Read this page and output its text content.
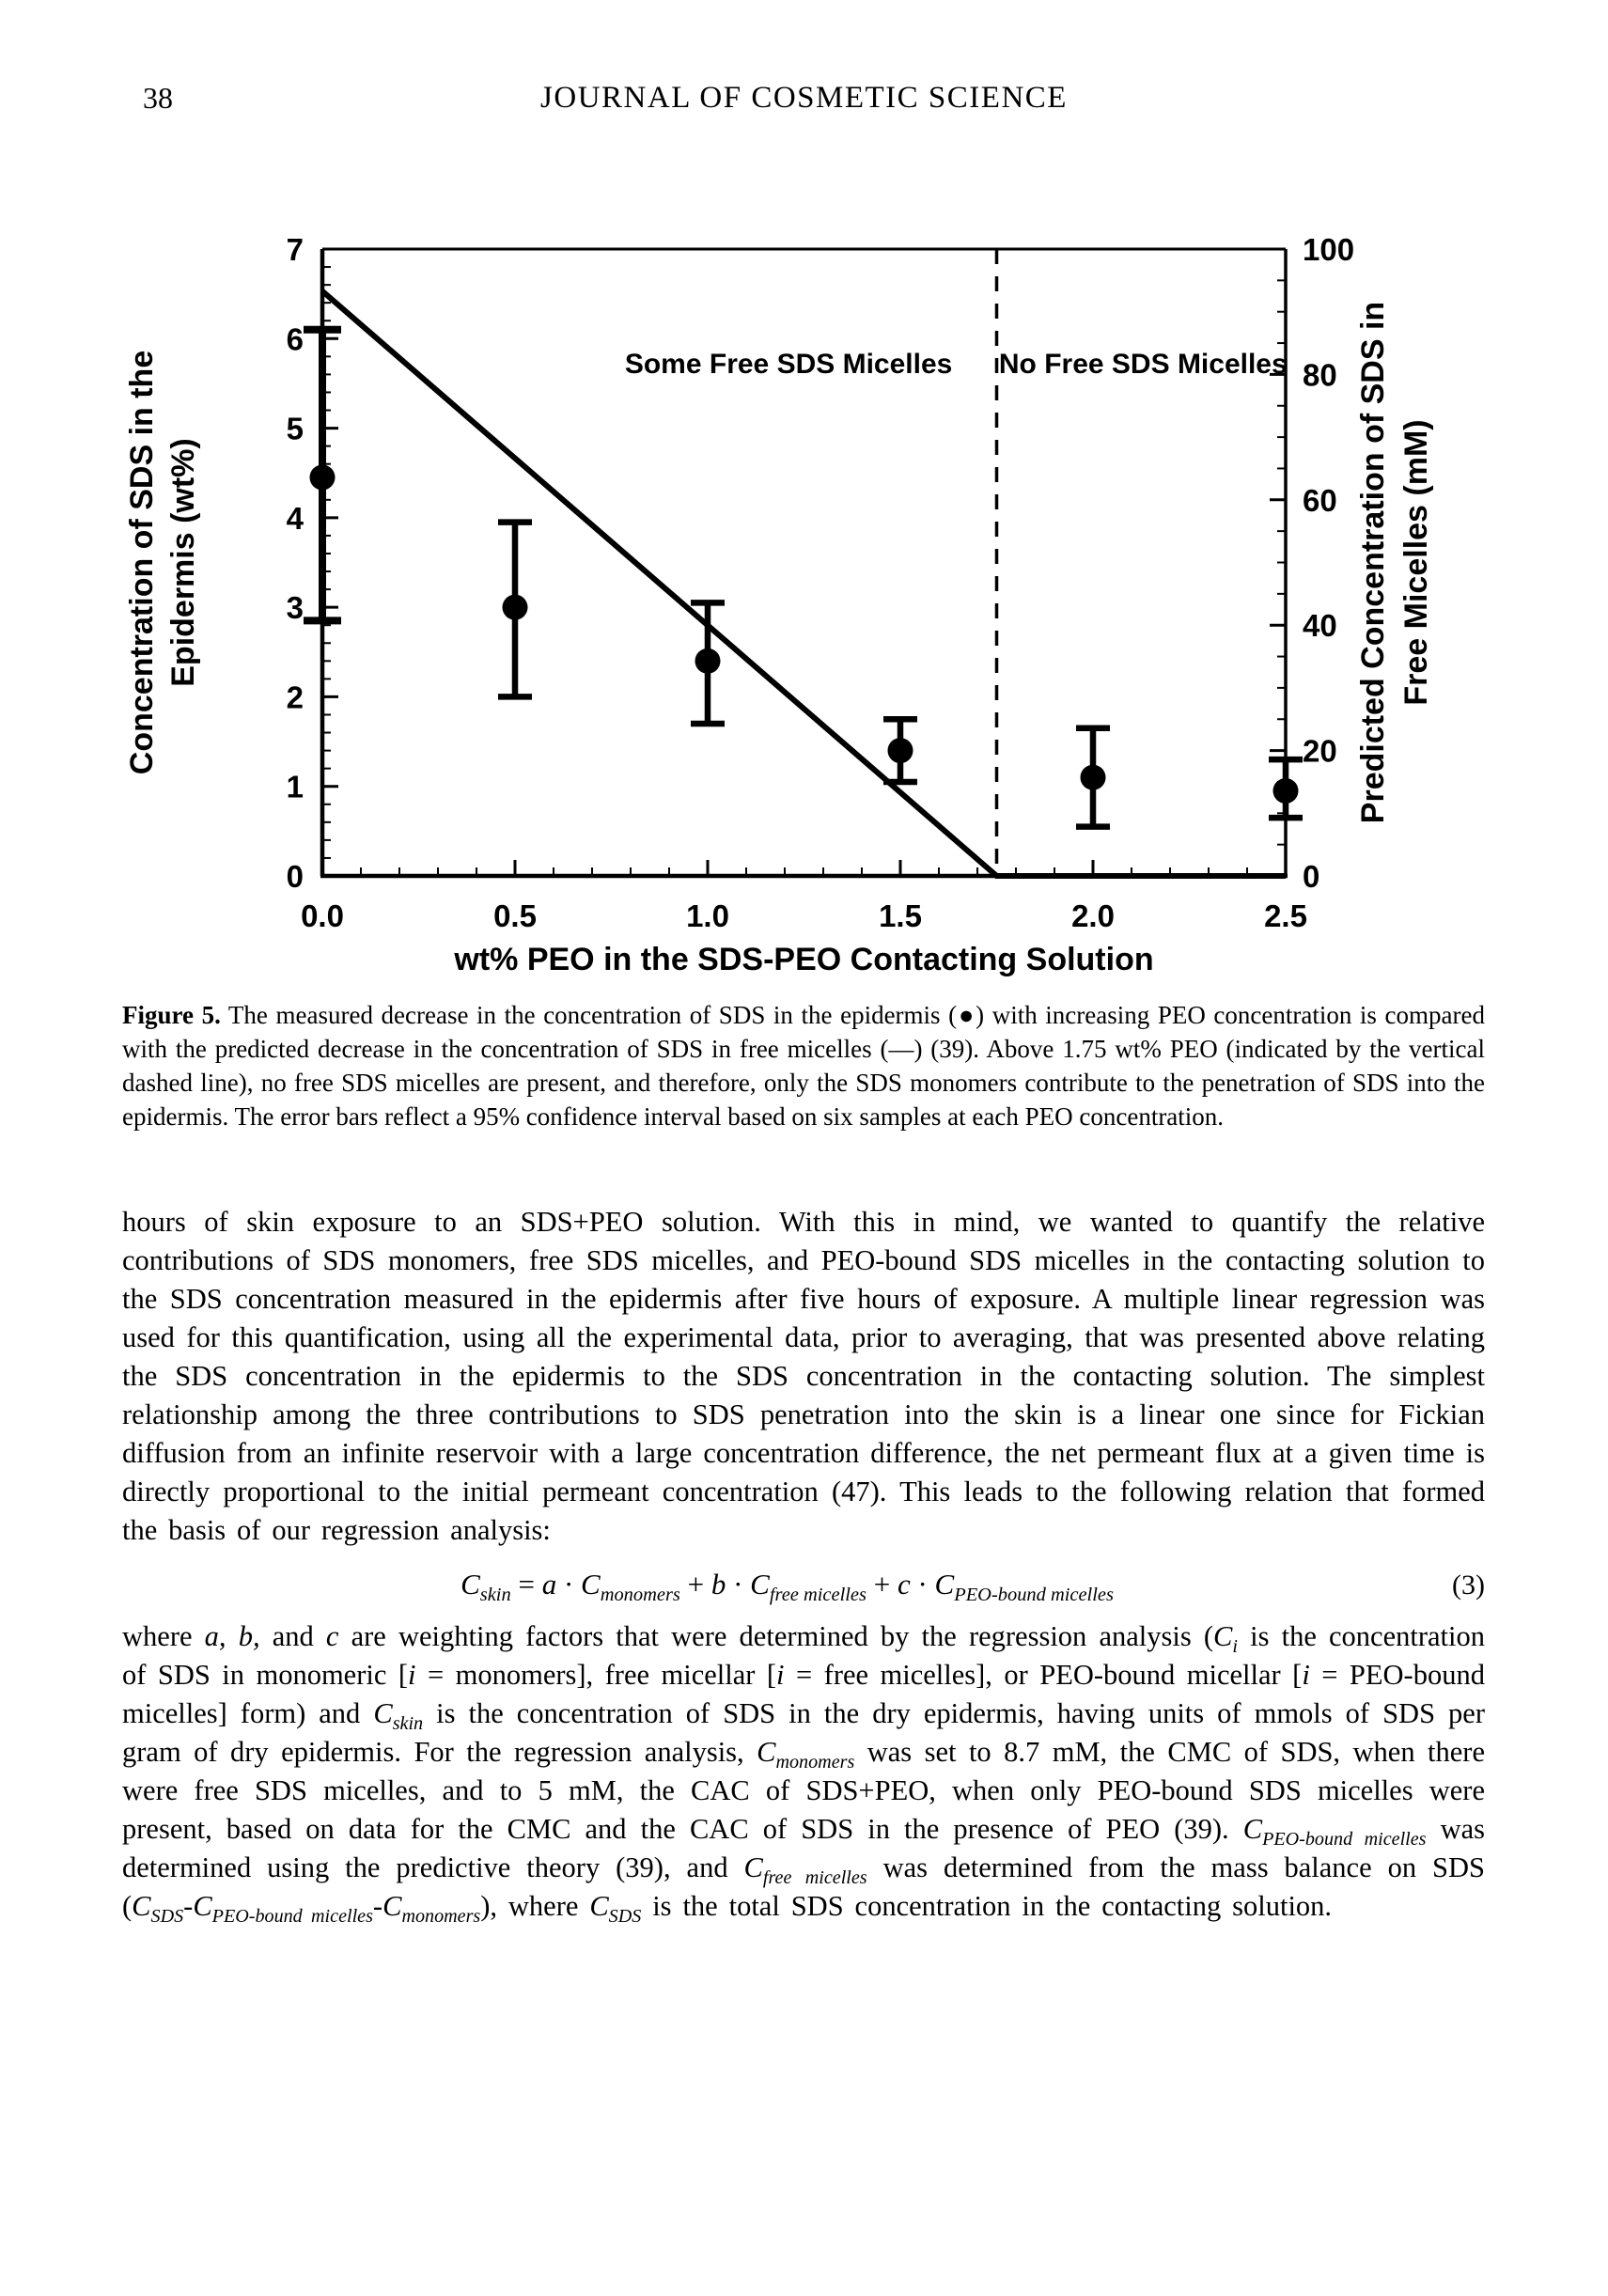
38	JOURNAL OF COSMETIC SCIENCE
0.0	0.5	1.0	1.5	2.0	2.5
0
1
2
3
4
5
6
7
0
20
40
60
80
100
Some Free SDS Micelles No Free SDS Micelles
wt% PEO in the SDS-PEO Contacting Solution
Concentration of SDS in the Epidermis (wt%)	Predicted Concentration of SDS in Free Micelles (mM)
Figure 5. The measured decrease in the concentration of SDS in the epidermis (●) with increasing PEO concentration is compared with the predicted decrease in the concentration of SDS in free micelles (—) (39). Above 1.75 wt% PEO (indicated by the vertical dashed line), no free SDS micelles are present, and therefore, only the SDS monomers contribute to the penetration of SDS into the epidermis. The error bars reflect a 95% confidence interval based on six samples at each PEO concentration.

hours of skin exposure to an SDS+PEO solution. With this in mind, we wanted to quantify the relative contributions of SDS monomers, free SDS micelles, and PEO-bound SDS micelles in the contacting solution to the SDS concentration measured in the epidermis after five hours of exposure. A multiple linear regression was used for this quantification, using all the experimental data, prior to averaging, that was presented above relating the SDS concentration in the epidermis to the SDS concentration in the contacting solution. The simplest relationship among the three contributions to SDS penetration into the skin is a linear one since for Fickian diffusion from an infinite reservoir with a large concentration difference, the net permeant flux at a given time is directly proportional to the initial permeant concentration (47). This leads to the following relation that formed the basis of our regression analysis:

$C_{skin} = a \cdot C_{monomers} + b \cdot C_{free micelles} + c \cdot C_{PEO-bound micelles}$	(3)

where a, b, and c are weighting factors that were determined by the regression analysis ($C_i$ is the concentration of SDS in monomeric [i = monomers], free micellar [i = free micelles], or PEO-bound micellar [i = PEO-bound micelles] form) and $C_{skin}$ is the concentration of SDS in the dry epidermis, having units of mmols of SDS per gram of dry epidermis. For the regression analysis, $C_{monomers}$ was set to 8.7 mM, the CMC of SDS, when there were free SDS micelles, and to 5 mM, the CAC of SDS+PEO, when only PEO-bound SDS micelles were present, based on data for the CMC and the CAC of SDS in the presence of PEO (39). $C_{PEO-bound micelles}$ was determined using the predictive theory (39), and $C_{free micelles}$ was determined from the mass balance on SDS $(C_{SDS}-C_{PEO-bound micelles}-C_{monomers})$, where $C_{SDS}$ is the total SDS concentration in the contacting solution.
